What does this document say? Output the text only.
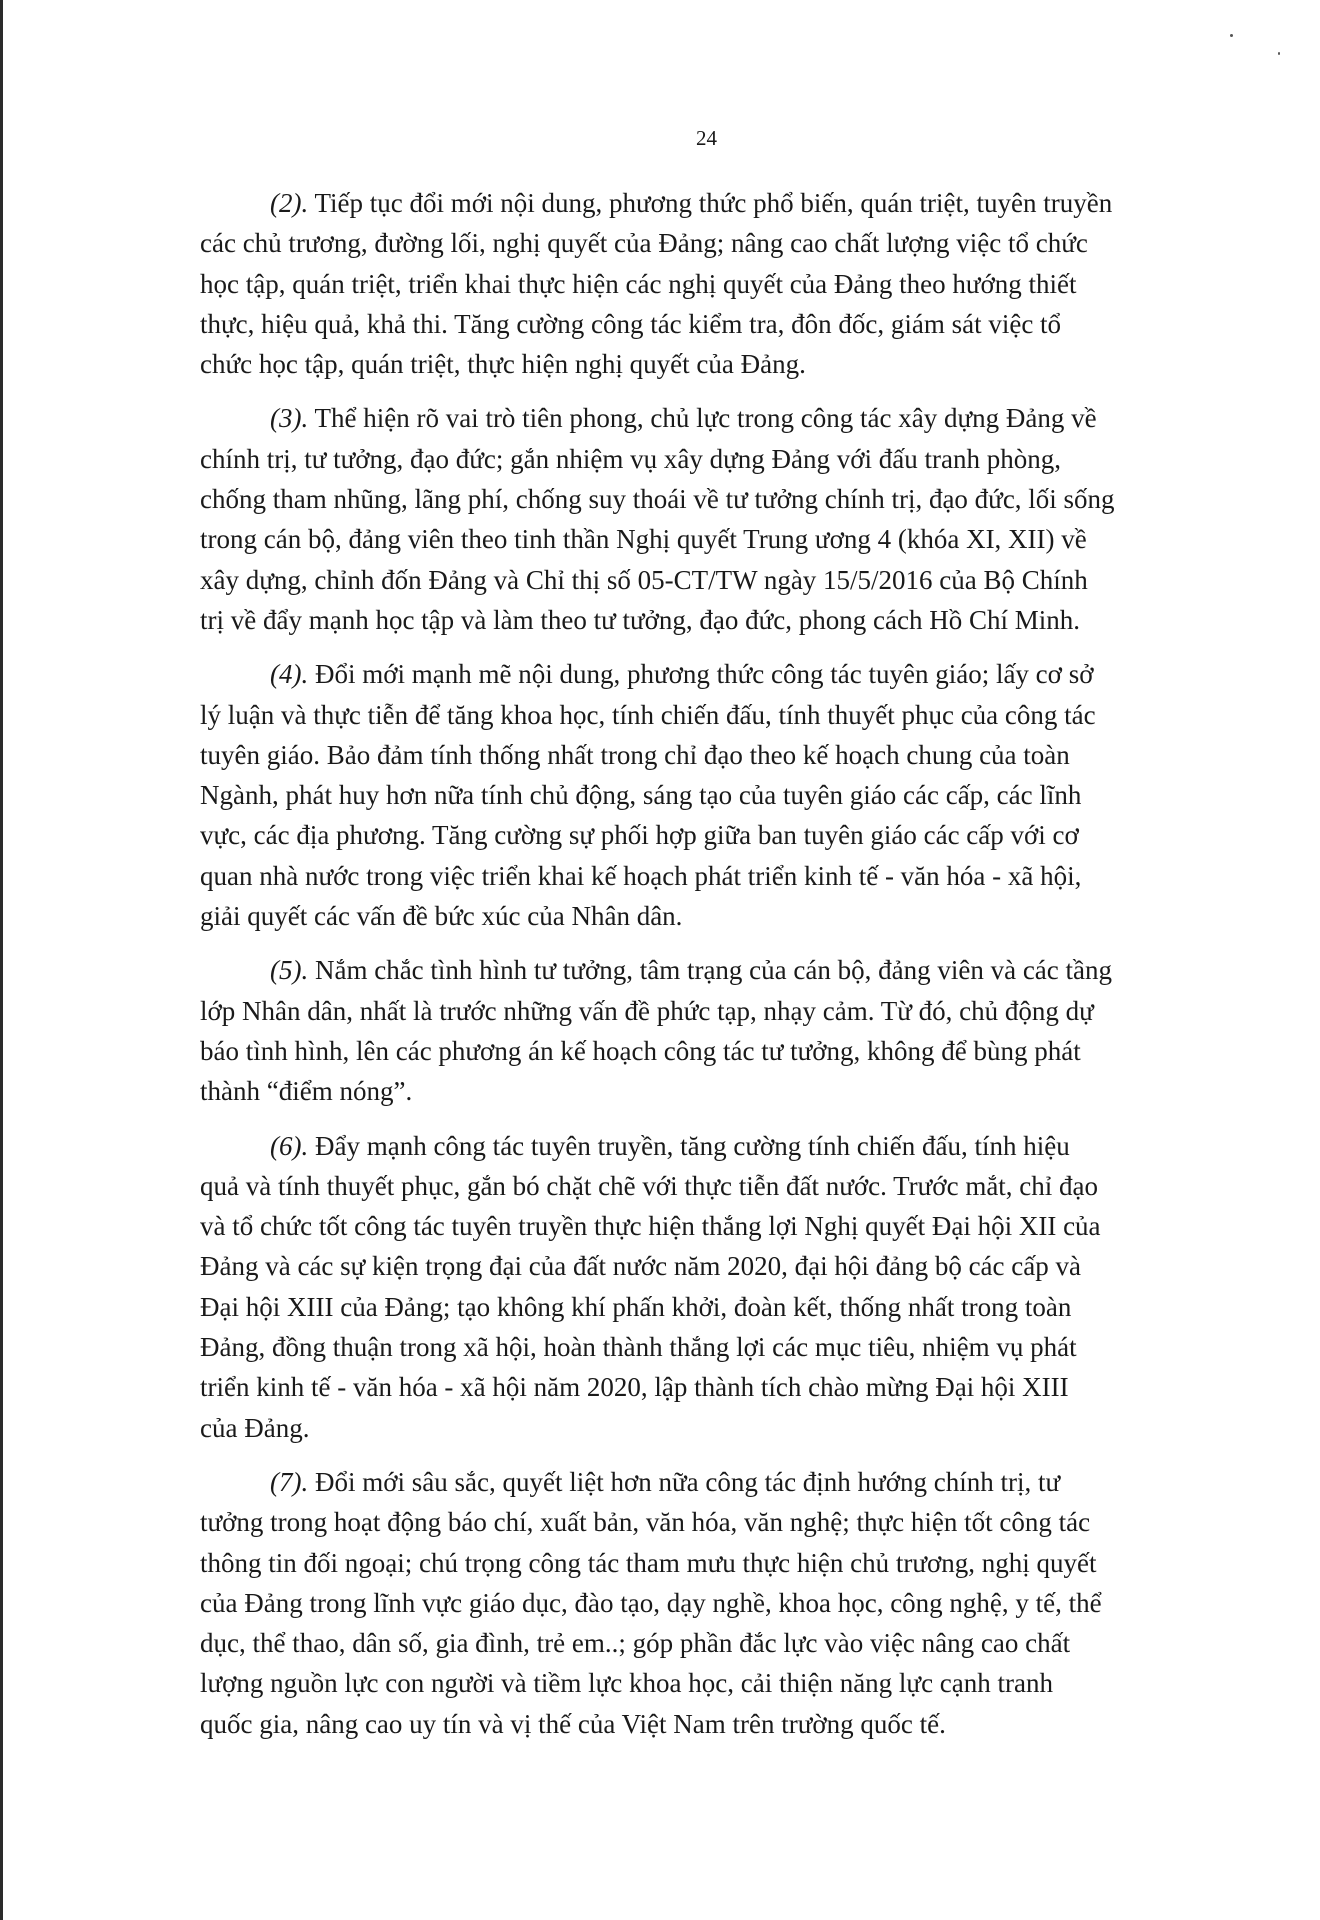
24

(2). Tiếp tục đổi mới nội dung, phương thức phổ biến, quán triệt, tuyên truyền
các chủ trương, đường lối, nghị quyết của Đảng; nâng cao chất lượng việc tổ chức
học tập, quán triệt, triển khai thực hiện các nghị quyết của Đảng theo hướng thiết
thực, hiệu quả, khả thi. Tăng cường công tác kiểm tra, đôn đốc, giám sát việc tổ
chức học tập, quán triệt, thực hiện nghị quyết của Đảng.

(3). Thể hiện rõ vai trò tiên phong, chủ lực trong công tác xây dựng Đảng về
chính trị, tư tưởng, đạo đức; gắn nhiệm vụ xây dựng Đảng với đấu tranh phòng,
chống tham nhũng, lãng phí, chống suy thoái về tư tưởng chính trị, đạo đức, lối sống
trong cán bộ, đảng viên theo tinh thần Nghị quyết Trung ương 4 (khóa XI, XII) về
xây dựng, chỉnh đốn Đảng và Chỉ thị số 05-CT/TW ngày 15/5/2016 của Bộ Chính
trị về đẩy mạnh học tập và làm theo tư tưởng, đạo đức, phong cách Hồ Chí Minh.

(4). Đổi mới mạnh mẽ nội dung, phương thức công tác tuyên giáo; lấy cơ sở
lý luận và thực tiễn để tăng khoa học, tính chiến đấu, tính thuyết phục của công tác
tuyên giáo. Bảo đảm tính thống nhất trong chỉ đạo theo kế hoạch chung của toàn
Ngành, phát huy hơn nữa tính chủ động, sáng tạo của tuyên giáo các cấp, các lĩnh
vực, các địa phương. Tăng cường sự phối hợp giữa ban tuyên giáo các cấp với cơ
quan nhà nước trong việc triển khai kế hoạch phát triển kinh tế - văn hóa - xã hội,
giải quyết các vấn đề bức xúc của Nhân dân.

(5). Nắm chắc tình hình tư tưởng, tâm trạng của cán bộ, đảng viên và các tầng
lớp Nhân dân, nhất là trước những vấn đề phức tạp, nhạy cảm. Từ đó, chủ động dự
báo tình hình, lên các phương án kế hoạch công tác tư tưởng, không để bùng phát
thành “điểm nóng”.

(6). Đẩy mạnh công tác tuyên truyền, tăng cường tính chiến đấu, tính hiệu
quả và tính thuyết phục, gắn bó chặt chẽ với thực tiễn đất nước. Trước mắt, chỉ đạo
và tổ chức tốt công tác tuyên truyền thực hiện thắng lợi Nghị quyết Đại hội XII của
Đảng và các sự kiện trọng đại của đất nước năm 2020, đại hội đảng bộ các cấp và
Đại hội XIII của Đảng; tạo không khí phấn khởi, đoàn kết, thống nhất trong toàn
Đảng, đồng thuận trong xã hội, hoàn thành thắng lợi các mục tiêu, nhiệm vụ phát
triển kinh tế - văn hóa - xã hội năm 2020, lập thành tích chào mừng Đại hội XIII
của Đảng.

(7). Đổi mới sâu sắc, quyết liệt hơn nữa công tác định hướng chính trị, tư
tưởng trong hoạt động báo chí, xuất bản, văn hóa, văn nghệ; thực hiện tốt công tác
thông tin đối ngoại; chú trọng công tác tham mưu thực hiện chủ trương, nghị quyết
của Đảng trong lĩnh vực giáo dục, đào tạo, dạy nghề, khoa học, công nghệ, y tế, thể
dục, thể thao, dân số, gia đình, trẻ em..; góp phần đắc lực vào việc nâng cao chất
lượng nguồn lực con người và tiềm lực khoa học, cải thiện năng lực cạnh tranh
quốc gia, nâng cao uy tín và vị thế của Việt Nam trên trường quốc tế.
